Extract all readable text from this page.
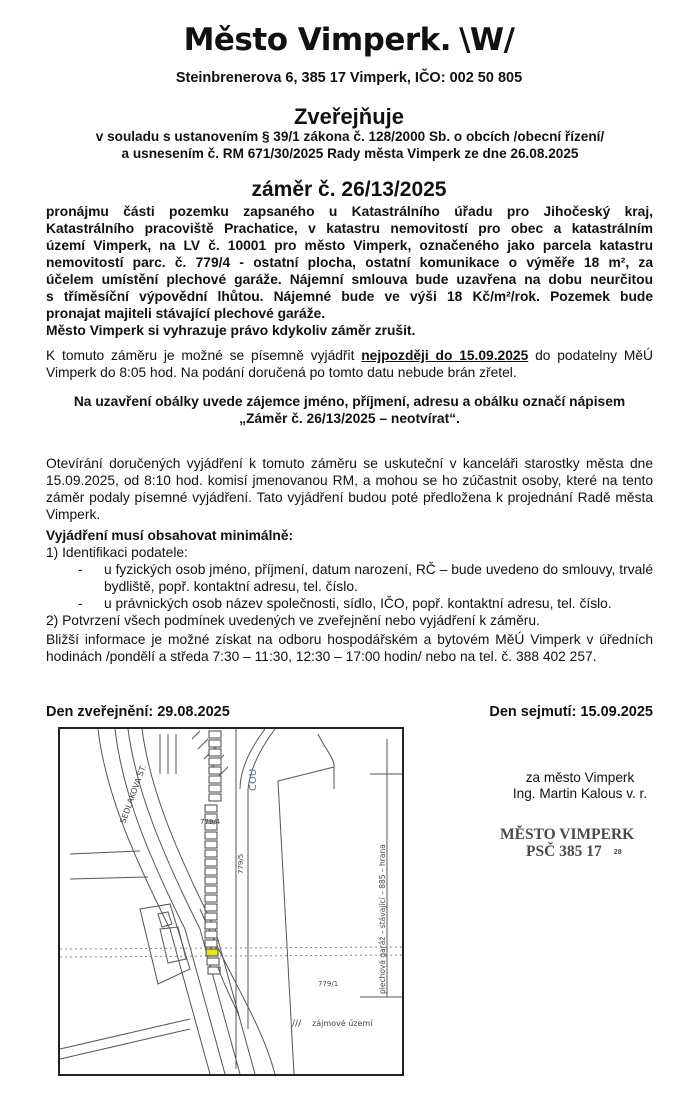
Město Vimperk. \W/
Steinbrenerova 6, 385 17 Vimperk, IČO: 002 50 805
Zveřejňuje
v souladu s ustanovením § 39/1 zákona č. 128/2000 Sb. o obcích /obecní řízení/
a usnesením č. RM 671/30/2025 Rady města Vimperk ze dne 26.08.2025
záměr č. 26/13/2025
pronájmu části pozemku zapsaného u Katastrálního úřadu pro Jihočeský kraj,
Katastrálního pracoviště Prachatice, v katastru nemovitostí pro obec a katastrálním
území Vimperk, na LV č. 10001 pro město Vimperk, označeného jako parcela katastru
nemovitostí parc. č. 779/4 - ostatní plocha, ostatní komunikace o výměře 18 m², za
účelem umístění plechové garáže. Nájemní smlouva bude uzavřena na dobu neurčitou
s tříměsíční výpovědní lhůtou. Nájemné bude ve výši 18 Kč/m²/rok. Pozemek bude
pronajat majiteli stávající plechové garáže.
Město Vimperk si vyhrazuje právo kdykoliv záměr zrušit.
K tomuto záměru je možné se písemně vyjádřit nejpozději do 15.09.2025 do podatelny MěÚ Vimperk do 8:05 hod. Na podání doručená po tomto datu nebude brán zřetel.
Na uzavření obálky uvede zájemce jméno, příjmení, adresu a obálku označí nápisem
„Záměr č. 26/13/2025 – neotvírat“.
Otevírání doručených vyjádření k tomuto záměru se uskuteční v kanceláři starostky města dne 15.09.2025, od 8:10 hod. komisí jmenovanou RM, a mohou se ho zúčastnit osoby, které na tento záměr podaly písemné vyjádření. Tato vyjádření budou poté předložena k projednání Radě města Vimperk.
Vyjádření musí obsahovat minimálně:
1) Identifikaci podatele:
-	u fyzických osob jméno, příjmení, datum narození, RČ – bude uvedeno do smlouvy, trvalé bydliště, popř. kontaktní adresu, tel. číslo.
-	u právnických osob název společnosti, sídlo, IČO, popř. kontaktní adresu, tel. číslo.
2) Potvrzení všech podmínek uvedených ve zveřejnění nebo vyjádření k záměru.
Bližší informace je možné získat na odboru hospodářském a bytovém MěÚ Vimperk v úředních hodinách /pondělí a středa 7:30 – 11:30, 12:30 – 17:00 hodin/ nebo na tel. č. 388 402 257.
Den zveřejnění: 29.08.2025	Den sejmutí: 15.09.2025
SEDLAKOVA ST.	COU
779/4
779/5
779/1	plechová garáž – stávající – 885 – hrana
zájmové území
///
za město Vimperk
Ing. Martin Kalous v. r.
MĚSTO VIMPERK
PSČ 385 17 28
